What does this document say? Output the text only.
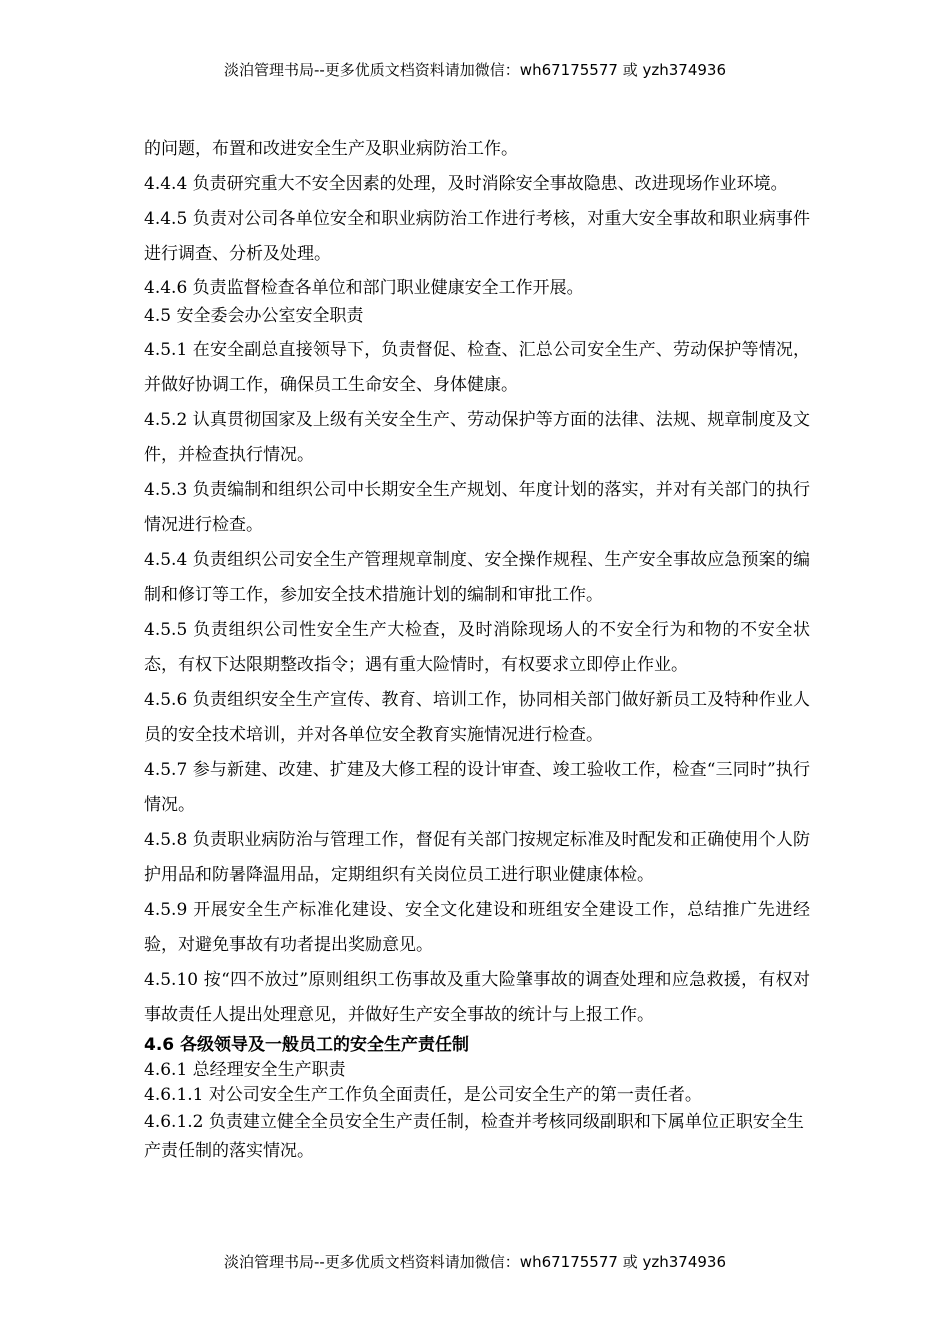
淡泊管理书局--更多优质文档资料请加微信：wh67175577 或 yzh374936

的问题，布置和改进安全生产及职业病防治工作。

4.4.4 负责研究重大不安全因素的处理，及时消除安全事故隐患、改进现场作业环境。

4.4.5 负责对公司各单位安全和职业病防治工作进行考核，对重大安全事故和职业病事件进行调查、分析及处理。

4.4.6 负责监督检查各单位和部门职业健康安全工作开展。

4.5 安全委会办公室安全职责

4.5.1 在安全副总直接领导下，负责督促、检查、汇总公司安全生产、劳动保护等情况，并做好协调工作，确保员工生命安全、身体健康。

4.5.2 认真贯彻国家及上级有关安全生产、劳动保护等方面的法律、法规、规章制度及文件，并检查执行情况。

4.5.3 负责编制和组织公司中长期安全生产规划、年度计划的落实，并对有关部门的执行情况进行检查。

4.5.4 负责组织公司安全生产管理规章制度、安全操作规程、生产安全事故应急预案的编制和修订等工作，参加安全技术措施计划的编制和审批工作。

4.5.5 负责组织公司性安全生产大检查，及时消除现场人的不安全行为和物的不安全状态，有权下达限期整改指令；遇有重大险情时，有权要求立即停止作业。

4.5.6 负责组织安全生产宣传、教育、培训工作，协同相关部门做好新员工及特种作业人员的安全技术培训，并对各单位安全教育实施情况进行检查。

4.5.7 参与新建、改建、扩建及大修工程的设计审查、竣工验收工作，检查“三同时”执行情况。

4.5.8 负责职业病防治与管理工作，督促有关部门按规定标准及时配发和正确使用个人防护用品和防暑降温用品，定期组织有关岗位员工进行职业健康体检。

4.5.9 开展安全生产标准化建设、安全文化建设和班组安全建设工作，总结推广先进经验，对避免事故有功者提出奖励意见。

4.5.10 按“四不放过”原则组织工伤事故及重大险肇事故的调查处理和应急救援，有权对事故责任人提出处理意见，并做好生产安全事故的统计与上报工作。

4.6 各级领导及一般员工的安全生产责任制

4.6.1 总经理安全生产职责

4.6.1.1 对公司安全生产工作负全面责任，是公司安全生产的第一责任者。

4.6.1.2 负责建立健全全员安全生产责任制，检查并考核同级副职和下属单位正职安全生产责任制的落实情况。

淡泊管理书局--更多优质文档资料请加微信：wh67175577 或 yzh374936
